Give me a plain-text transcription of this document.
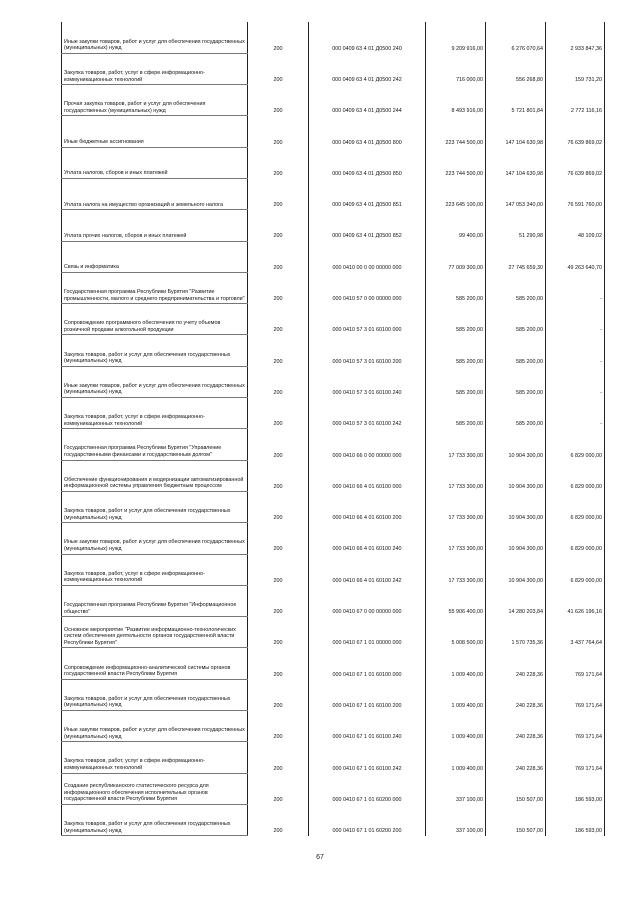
Иные закупки товаров, работ и услуг для обеспечения государственных (муниципальных) нужд	200	000 0409 63 4 01 Д0500 240	9 209 916,00	6 276 070,64	2 933 847,36
Закупка товаров, работ, услуг в сфере информационно-коммуникационных технологий	200	000 0409 63 4 01 Д0500 242	716 000,00	556 268,80	159 731,20
Прочая закупка товаров, работ и услуг для обеспечения государственных (муниципальных) нужд	200	000 0409 63 4 01 Д0500 244	8 493 916,00	5 721 801,84	2 772 116,16
Иные бюджетные ассигнования	200	000 0409 63 4 01 Д0500 800	223 744 500,00	147 104 630,98	76 639 869,02
Уплата налогов, сборов и иных платежей	200	000 0409 63 4 01 Д0500 850	223 744 500,00	147 104 630,98	76 639 869,02
Уплата налога на имущество организаций и земельного налога	200	000 0409 63 4 01 Д0500 851	223 645 100,00	147 053 340,00	76 591 760,00
Уплата прочих налогов, сборов и иных платежей	200	000 0409 63 4 01 Д0500 852	99 400,00	51 290,98	48 109,02
Связь и информатика	200	000 0410 00 0 00 00000 000	77 009 300,00	27 745 659,30	49 263 640,70
Государственная программа Республики Бурятия "Развитие промышленности, малого и среднего предпринимательства и торговли"	200	000 0410 57 0 00 00000 000	585 200,00	585 200,00	-
Сопровождение программного обеспечения по учету объемов розничной продажи алкогольной продукции	200	000 0410 57 3 01 60100 000	585 200,00	585 200,00	-
Закупка товаров, работ и услуг для обеспечения государственных (муниципальных) нужд	200	000 0410 57 3 01 60100 200	585 200,00	585 200,00	-
Иные закупки товаров, работ и услуг для обеспечения государственных (муниципальных) нужд	200	000 0410 57 3 01 60100 240	585 200,00	585 200,00	-
Закупка товаров, работ, услуг в сфере информационно-коммуникационных технологий	200	000 0410 57 3 01 60100 242	585 200,00	585 200,00	-
Государственная программа Республики Бурятия "Управление государственными финансами и государственным долгом"	200	000 0410 66 0 00 00000 000	17 733 300,00	10 904 300,00	6 829 000,00
Обеспечение функционирования и модернизации автоматизированной информационной системы управления бюджетным процессом	200	000 0410 66 4 01 60100 000	17 733 300,00	10 904 300,00	6 829 000,00
Закупка товаров, работ и услуг для обеспечения государственных (муниципальных) нужд	200	000 0410 66 4 01 60100 200	17 733 300,00	10 904 300,00	6 829 000,00
Иные закупки товаров, работ и услуг для обеспечения государственных (муниципальных) нужд	200	000 0410 66 4 01 60100 240	17 733 300,00	10 904 300,00	6 829 000,00
Закупка товаров, работ, услуг в сфере информационно-коммуникационных технологий	200	000 0410 66 4 01 60100 242	17 733 300,00	10 904 300,00	6 829 000,00
Государственная программа Республики Бурятия "Информационное общество"	200	000 0410 67 0 00 00000 000	55 906 400,00	14 280 203,84	41 626 196,16
Основное мероприятие "Развитие информационно-технологических систем обеспечения деятельности органов государственной власти Республики Бурятия"	200	000 0410 67 1 01 00000 000	5 008 500,00	1 570 735,36	3 437 764,64
Сопровождение информационно-аналитической системы органов государственной власти Республики Бурятия	200	000 0410 67 1 01 60100 000	1 009 400,00	240 228,36	769 171,64
Закупка товаров, работ и услуг для обеспечения государственных (муниципальных) нужд	200	000 0410 67 1 01 60100 200	1 009 400,00	240 228,36	769 171,64
Иные закупки товаров, работ и услуг для обеспечения государственных (муниципальных) нужд	200	000 0410 67 1 01 60100 240	1 009 400,00	240 228,36	769 171,64
Закупка товаров, работ, услуг в сфере информационно-коммуникационных технологий	200	000 0410 67 1 01 60100 242	1 009 400,00	240 228,36	769 171,64
Создание республиканского статистического ресурса для информационного обеспечения исполнительных органов государственной власти Республики Бурятия	200	000 0410 67 1 01 60200 000	337 100,00	150 507,00	186 593,00
Закупка товаров, работ и услуг для обеспечения государственных (муниципальных) нужд	200	000 0410 67 1 01 60200 200	337 100,00	150 507,00	186 593,00
67
